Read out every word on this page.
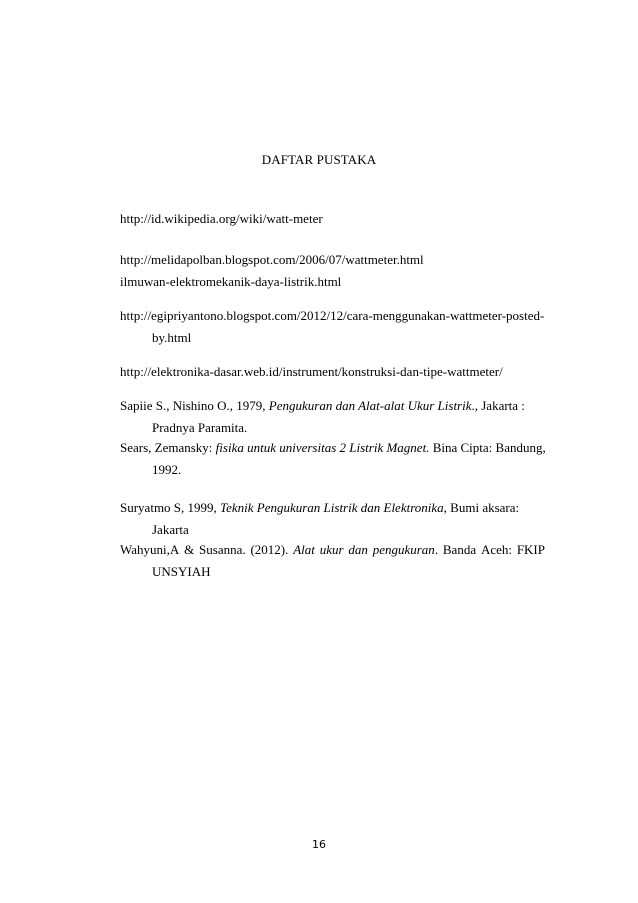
DAFTAR PUSTAKA
http://id.wikipedia.org/wiki/watt-meter
http://melidapolban.blogspot.com/2006/07/wattmeter.html
ilmuwan-elektromekanik-daya-listrik.html
http://egipriyantono.blogspot.com/2012/12/cara-menggunakan-wattmeter-posted-
by.html
http://elektronika-dasar.web.id/instrument/konstruksi-dan-tipe-wattmeter/
Sapiie S., Nishino O., 1979, Pengukuran dan Alat-alat Ukur Listrik., Jakarta :
Pradnya Paramita.
Sears, Zemansky: fisika untuk universitas 2 Listrik Magnet. Bina Cipta: Bandung,
1992.
Suryatmo S, 1999, Teknik Pengukuran Listrik dan Elektronika, Bumi aksara:
Jakarta
Wahyuni,A & Susanna. (2012). Alat ukur dan pengukuran. Banda Aceh: FKIP
UNSYIAH
16
